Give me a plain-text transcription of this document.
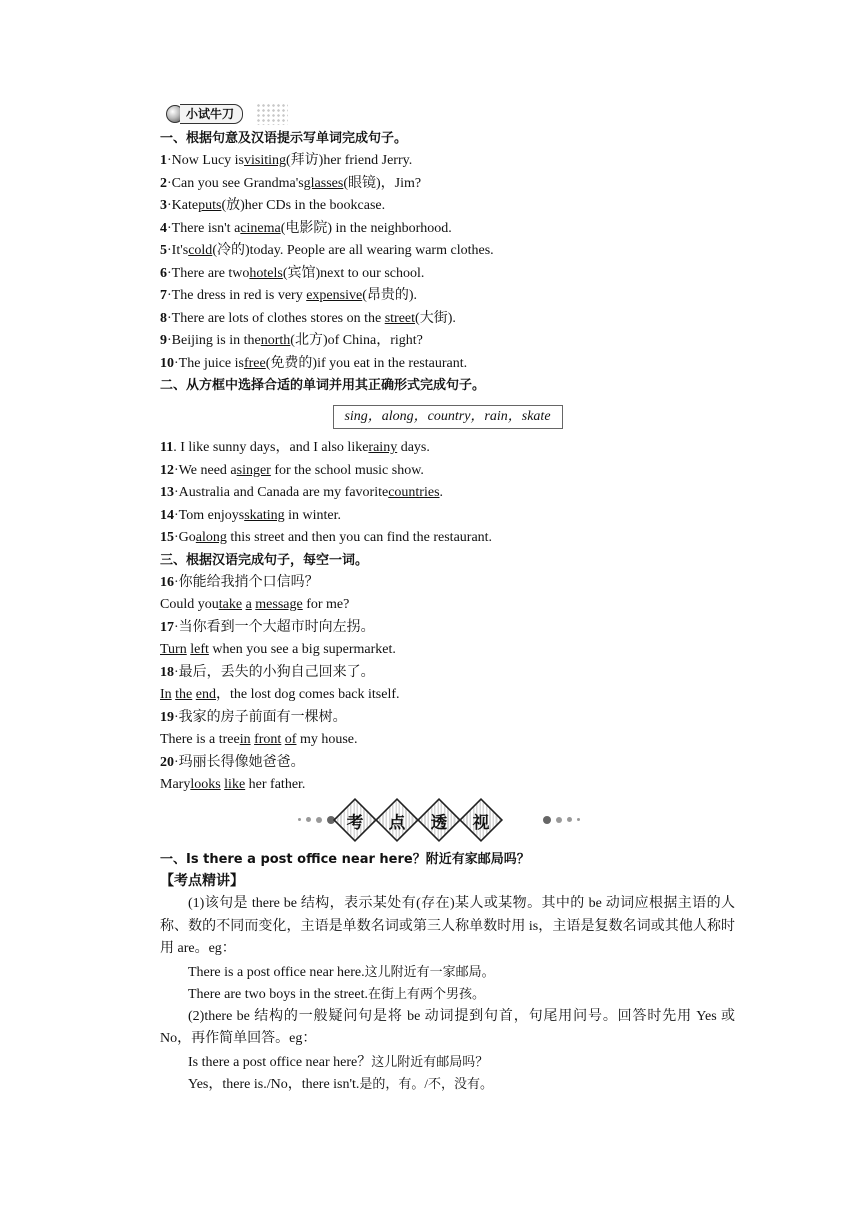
小试牛刀
一、根据句意及汉语提示写单词完成句子。
1·Now Lucy isvisiting(拜访)her friend Jerry.
2·Can you see Grandma'sglasses(眼镜)，Jim?
3·Kateputs(放)her CDs in the bookcase.
4·There isn't acinema(电影院) in the neighborhood.
5·It'scold(冷的)today. People are all wearing warm clothes.
6·There are twohotels(宾馆)next to our school.
7·The dress in red is very expensive(昂贵的).
8·There are lots of clothes stores on the street(大街).
9·Beijing is in thenorth(北方)of China，right?
10·The juice isfree(免费的)if you eat in the restaurant.
二、从方框中选择合适的单词并用其正确形式完成句子。
sing，along，country，rain，skate
11. I like sunny days，and I also likerainy days.
12·We need asinger for the school music show.
13·Australia and Canada are my favoritecountries.
14·Tom enjoysskating in winter.
15·Goalong this street and then you can find the restaurant.
三、根据汉语完成句子，每空一词。
16·你能给我捎个口信吗？
Could youtake a message for me?
17·当你看到一个大超市时向左拐。
Turn left when you see a big supermarket.
18·最后，丢失的小狗自己回来了。
In the end，the lost dog comes back itself.
19·我家的房子前面有一棵树。
There is a treein front of my house.
20·玛丽长得像她爸爸。
Marylooks like her father.
考	点	透	视
一、Is there a post office near here？附近有家邮局吗？
【考点精讲】
(1)该句是 there be 结构，表示某处有(存在)某人或某物。其中的 be 动词应根据主语的人称、数的不同而变化，主语是单数名词或第三人称单数时用 is，主语是复数名词或其他人称时用 are。eg：
There is a post office near here.这儿附近有一家邮局。
There are two boys in the street.在街上有两个男孩。
(2)there be 结构的一般疑问句是将 be 动词提到句首，句尾用问号。回答时先用 Yes 或 No，再作简单回答。eg：
Is there a post office near here？这儿附近有邮局吗？
Yes，there is./No，there isn't.是的，有。/不，没有。
